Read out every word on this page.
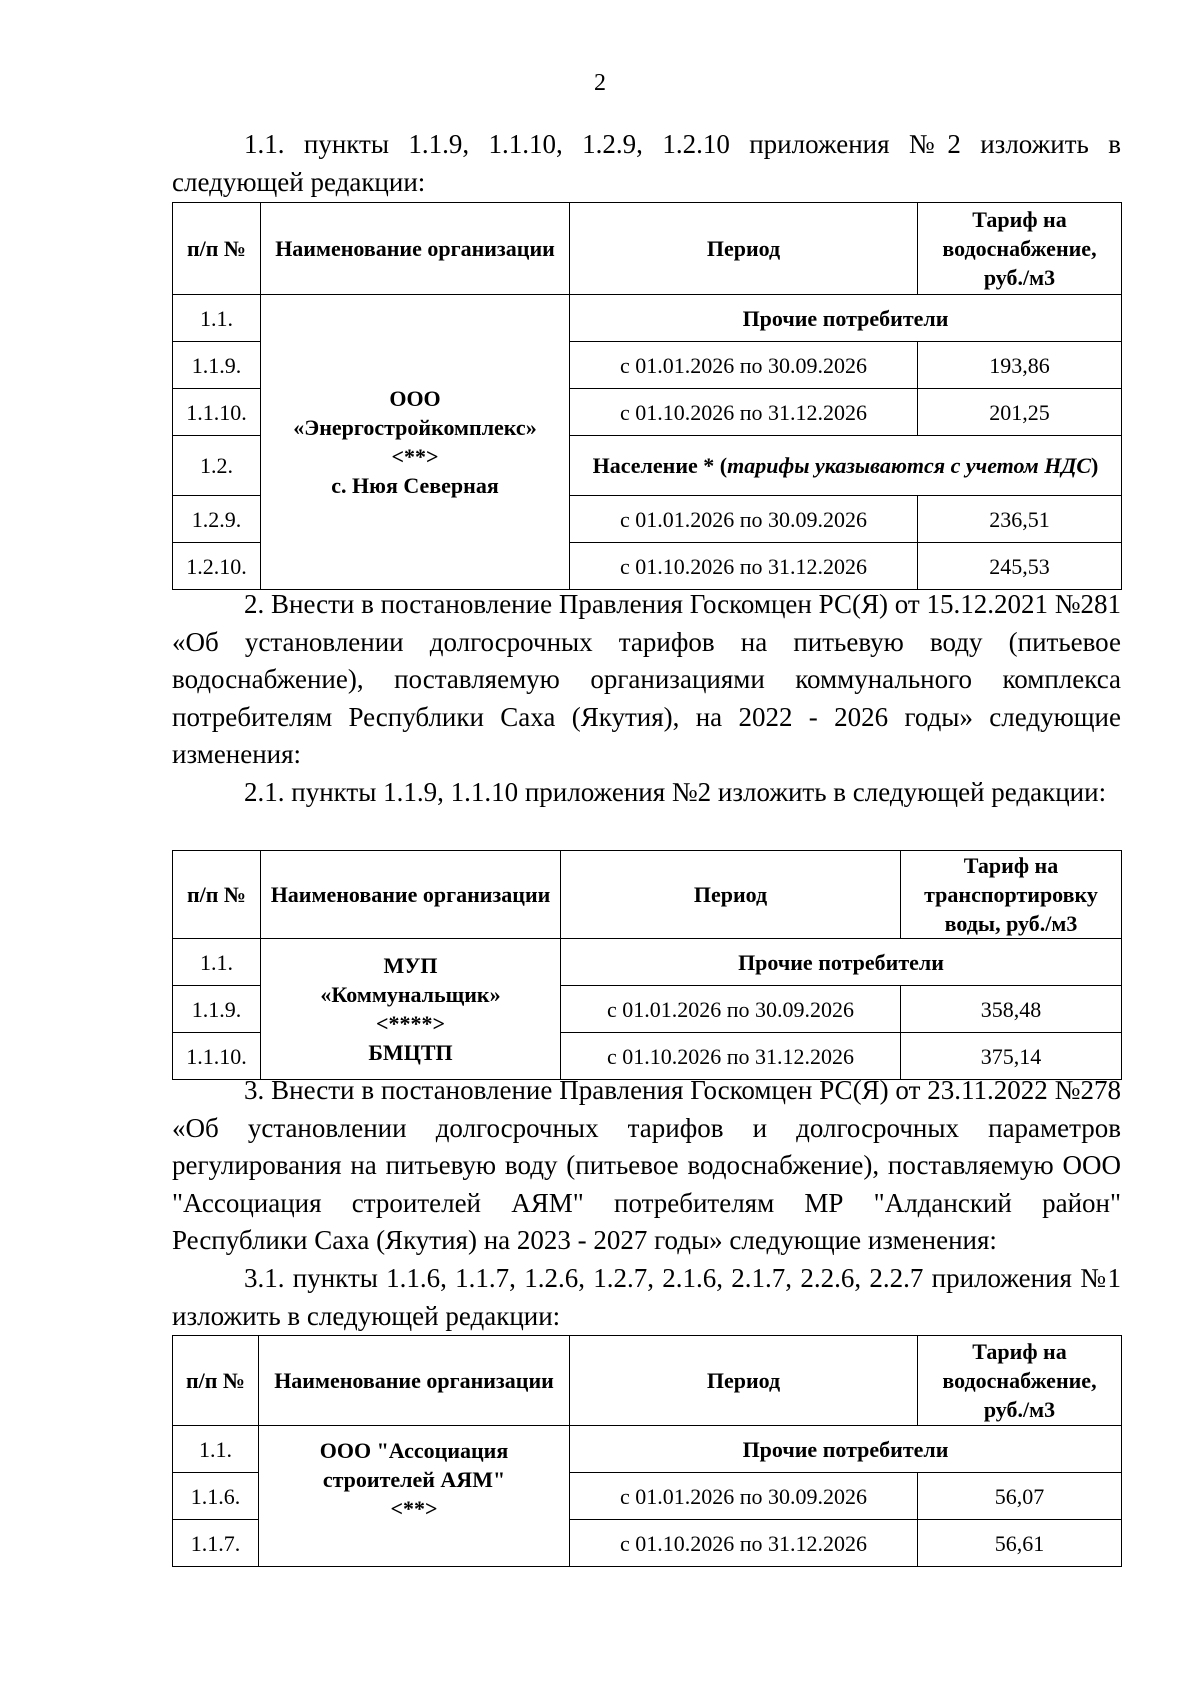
2
1.1. пункты 1.1.9, 1.1.10, 1.2.9, 1.2.10 приложения №2 изложить в следующей редакции:
п/п №	Наименование организации	Период	Тариф на водоснабжение, руб./м3
1.1.	ООО
«Энергостройкомплекс»
<**>
с. Нюя Северная	Прочие потребители	
1.1.9.		с 01.01.2026 по 30.09.2026	193,86
1.1.10.		с 01.10.2026 по 31.12.2026	201,25
1.2.		Население * (тарифы указываются с учетом НДС)	
1.2.9.		с 01.01.2026 по 30.09.2026	236,51
1.2.10.		с 01.10.2026 по 31.12.2026	245,53
2. Внести в постановление Правления Госкомцен РС(Я) от 15.12.2021 №281 «Об установлении долгосрочных тарифов на питьевую воду (питьевое водоснабжение), поставляемую организациями коммунального комплекса потребителям Республики Саха (Якутия), на 2022 - 2026 годы» следующие изменения:
2.1. пункты 1.1.9, 1.1.10 приложения №2 изложить в следующей редакции:
п/п №	Наименование организации	Период	Тариф на транспортировку воды, руб./м3
1.1.	МУП
«Коммунальщик»
<****>
БМЦТП	Прочие потребители	
1.1.9.		с 01.01.2026 по 30.09.2026	358,48
1.1.10.		с 01.10.2026 по 31.12.2026	375,14
3. Внести в постановление Правления Госкомцен РС(Я) от 23.11.2022 №278 «Об установлении долгосрочных тарифов и долгосрочных параметров регулирования на питьевую воду (питьевое водоснабжение), поставляемую ООО "Ассоциация строителей АЯМ" потребителям МР "Алданский район" Республики Саха (Якутия) на 2023 - 2027 годы» следующие изменения:
3.1. пункты 1.1.6, 1.1.7, 1.2.6, 1.2.7, 2.1.6, 2.1.7, 2.2.6, 2.2.7 приложения №1 изложить в следующей редакции:
п/п №	Наименование организации	Период	Тариф на водоснабжение, руб./м3
1.1.	ООО "Ассоциация
строителей АЯМ"
<**>	Прочие потребители	
1.1.6.		с 01.01.2026 по 30.09.2026	56,07
1.1.7.		с 01.10.2026 по 31.12.2026	56,61
